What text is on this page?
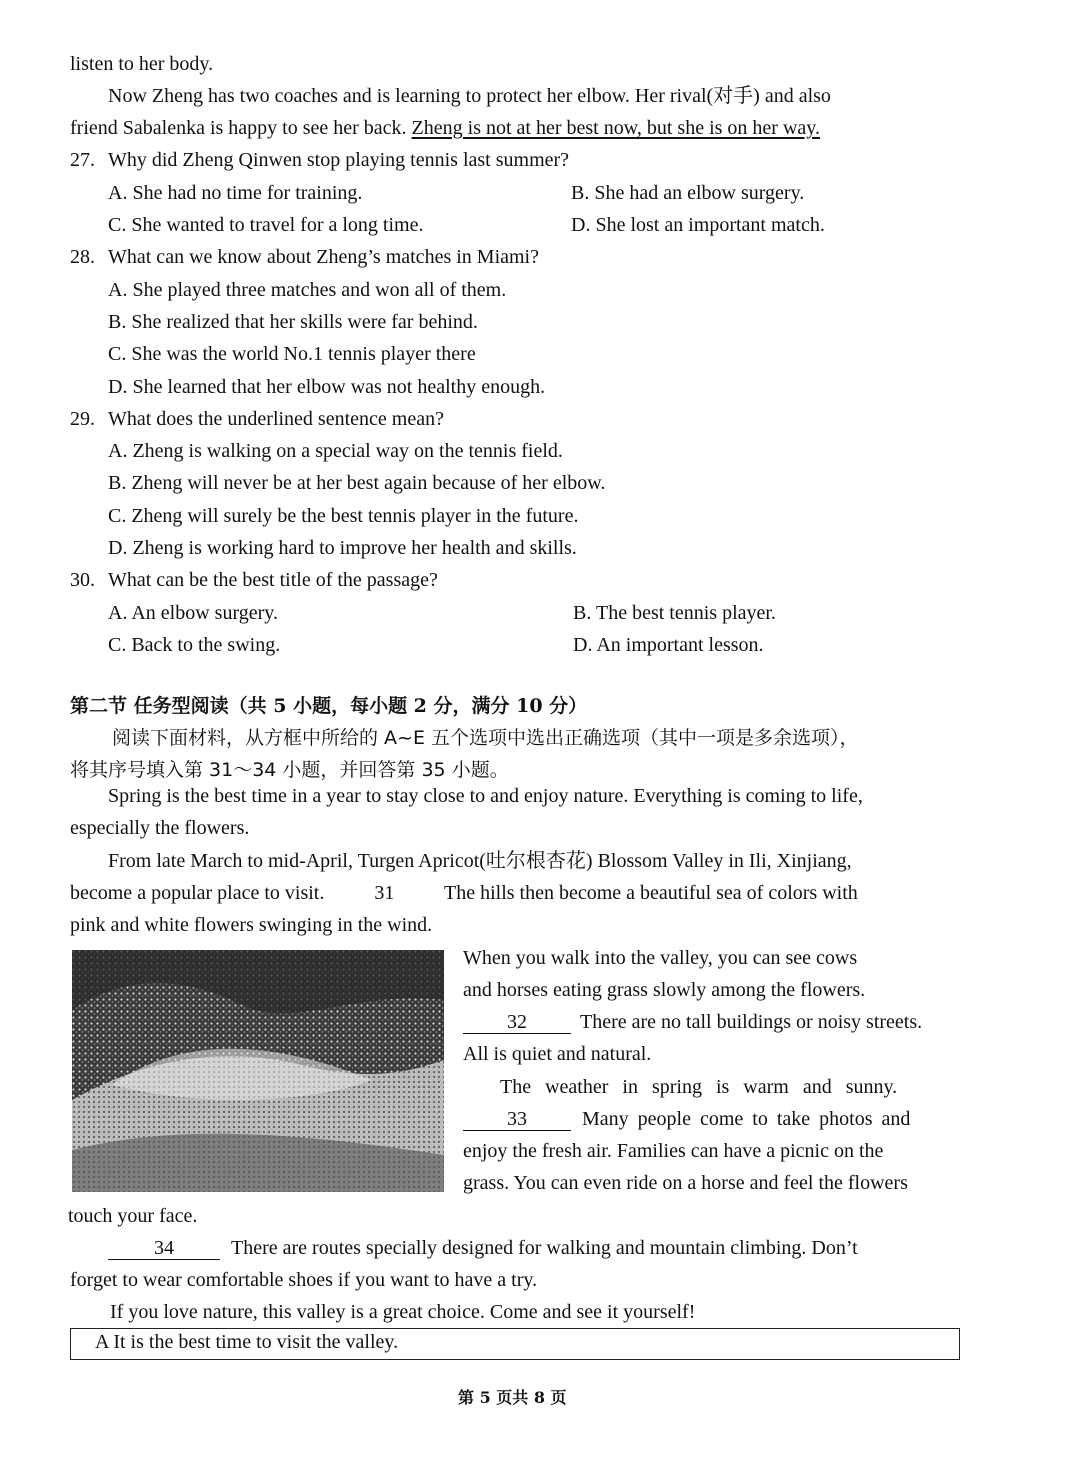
listen to her body.
Now Zheng has two coaches and is learning to protect her elbow. Her rival(对手) and also
friend Sabalenka is happy to see her back. Zheng is not at her best now, but she is on her way.
27. Why did Zheng Qinwen stop playing tennis last summer?
A. She had no time for training.	B. She had an elbow surgery.
C. She wanted to travel for a long time.	D. She lost an important match.
28. What can we know about Zheng’s matches in Miami?
A. She played three matches and won all of them.
B. She realized that her skills were far behind.
C. She was the world No.1 tennis player there
D. She learned that her elbow was not healthy enough.
29. What does the underlined sentence mean?
A. Zheng is walking on a special way on the tennis field.
B. Zheng will never be at her best again because of her elbow.
C. Zheng will surely be the best tennis player in the future.
D. Zheng is working hard to improve her health and skills.
30. What can be the best title of the passage?
A. An elbow surgery.	B. The best tennis player.
C. Back to the swing.	D. An important lesson.
第二节 任务型阅读（共 5 小题，每小题 2 分，满分 10 分）
阅读下面材料，从方框中所给的 A~E 五个选项中选出正确选项（其中一项是多余选项），
将其序号填入第 31～34 小题，并回答第 35 小题。
Spring is the best time in a year to stay close to and enjoy nature. Everything is coming to life,
especially the flowers.
From late March to mid-April, Turgen Apricot(吐尔根杏花) Blossom Valley in Ili, Xinjiang,
become a popular place to visit.	31 The hills then become a beautiful sea of colors with
pink and white flowers swinging in the wind.
When you walk into the valley, you can see cows
and horses eating grass slowly among the flowers.
32	There are no tall buildings or noisy streets.
All is quiet and natural.
The weather in spring is warm and sunny.
33	Many people come to take photos and
enjoy the fresh air. Families can have a picnic on the
grass. You can even ride on a horse and feel the flowers
touch your face.
34	There are routes specially designed for walking and mountain climbing. Don’t
forget to wear comfortable shoes if you want to have a try.
If you love nature, this valley is a great choice. Come and see it yourself!
A It is the best time to visit the valley.
第 5 页共 8 页
